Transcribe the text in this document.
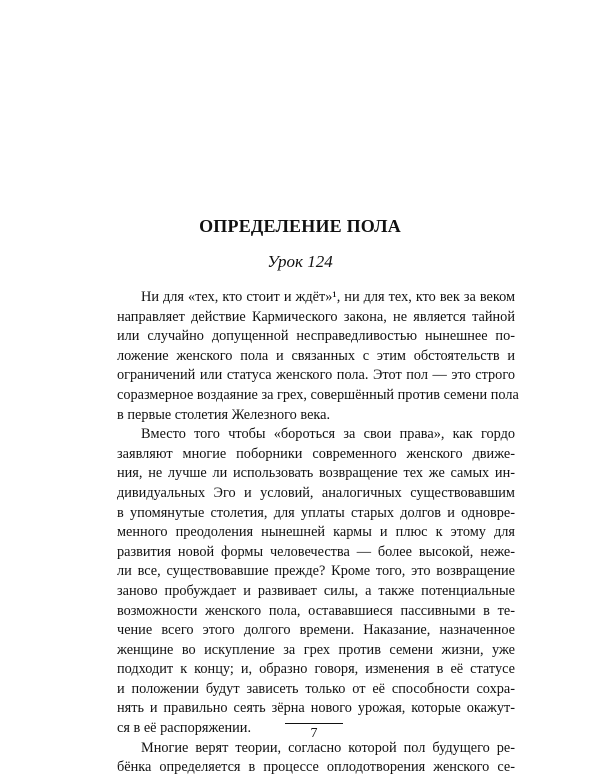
ОПРЕДЕЛЕНИЕ ПОЛА
Урок 124
Ни для «тех, кто стоит и ждёт»¹, ни для тех, кто век за веком
направляет действие Кармического закона, не является тайной
или случайно допущенной несправедливостью нынешнее по-
ложение женского пола и связанных с этим обстоятельств и
ограничений или статуса женского пола. Этот пол — это строго
соразмерное воздаяние за грех, совершённый против семени пола
в первые столетия Железного века.
Вместо того чтобы «бороться за свои права», как гордо
заявляют многие поборники современного женского движе-
ния, не лучше ли использовать возвращение тех же самых ин-
дивидуальных Эго и условий, аналогичных существовавшим
в упомянутые столетия, для уплаты старых долгов и одновре-
менного преодоления нынешней кармы и плюс к этому для
развития новой формы человечества — более высокой, неже-
ли все, существовавшие прежде? Кроме того, это возвращение
заново пробуждает и развивает силы, а также потенциальные
возможности женского пола, остававшиеся пассивными в те-
чение всего этого долгого времени. Наказание, назначенное
женщине во искупление за грех против семени жизни, уже
подходит к концу; и, образно говоря, изменения в её статусе
и положении будут зависеть только от её способности сохра-
нять и правильно сеять зёрна нового урожая, которые окажут-
ся в её распоряжении.
Многие верят теории, согласно которой пол будущего ре-
бёнка определяется в процессе оплодотворения женского се-
7
